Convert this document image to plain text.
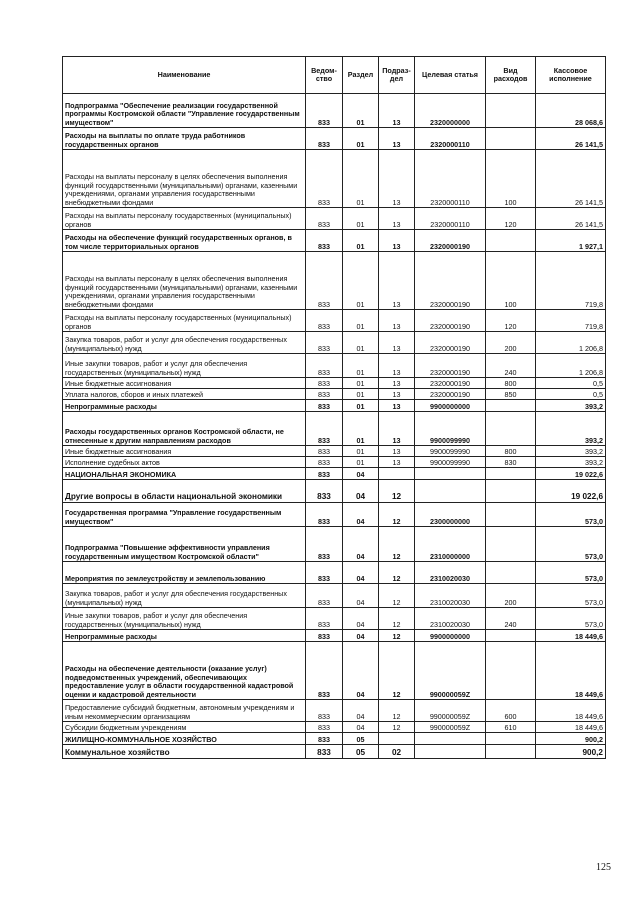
Наименование	Ведом-ство	Раздел	Подраз-дел	Целевая статья	Вид расходов	Кассовое исполнение
Подпрограмма "Обеспечение реализации государственной программы Костромской области "Управление государственным имуществом"	833	01	13	2320000000		28 068,6
Расходы на выплаты по оплате труда работников государственных органов	833	01	13	2320000110		26 141,5
Расходы на выплаты персоналу в целях обеспечения выполнения функций государственными (муниципальными) органами, казенными учреждениями, органами управления государственными внебюджетными фондами	833	01	13	2320000110	100	26 141,5
Расходы на выплаты персоналу государственных (муниципальных) органов	833	01	13	2320000110	120	26 141,5
Расходы на обеспечение функций государственных органов, в том числе территориальных органов	833	01	13	2320000190		1 927,1
Расходы на выплаты персоналу в целях обеспечения выполнения функций государственными (муниципальными) органами, казенными учреждениями, органами управления государственными внебюджетными фондами	833	01	13	2320000190	100	719,8
Расходы на выплаты персоналу государственных (муниципальных) органов	833	01	13	2320000190	120	719,8
Закупка товаров, работ и услуг для обеспечения государственных (муниципальных) нужд	833	01	13	2320000190	200	1 206,8
Иные закупки товаров, работ и услуг для обеспечения государственных (муниципальных) нужд	833	01	13	2320000190	240	1 206,8
Иные бюджетные ассигнования	833	01	13	2320000190	800	0,5
Уплата налогов, сборов и иных платежей	833	01	13	2320000190	850	0,5
Непрограммные расходы	833	01	13	9900000000		393,2
Расходы государственных органов Костромской области, не отнесенные к другим направлениям расходов	833	01	13	9900099990		393,2
Иные бюджетные ассигнования	833	01	13	9900099990	800	393,2
Исполнение судебных актов	833	01	13	9900099990	830	393,2
НАЦИОНАЛЬНАЯ ЭКОНОМИКА	833	04				19 022,6
Другие вопросы в области национальной экономики	833	04	12			19 022,6
Государственная программа "Управление государственным имуществом"	833	04	12	2300000000		573,0
Подпрограмма "Повышение эффективности управления государственным имуществом Костромской области"	833	04	12	2310000000		573,0
Мероприятия по землеустройству и землепользованию	833	04	12	2310020030		573,0
Закупка товаров, работ и услуг для обеспечения государственных (муниципальных) нужд	833	04	12	2310020030	200	573,0
Иные закупки товаров, работ и услуг для обеспечения государственных (муниципальных) нужд	833	04	12	2310020030	240	573,0
Непрограммные расходы	833	04	12	9900000000		18 449,6
Расходы на обеспечение деятельности (оказание услуг) подведомственных учреждений, обеспечивающих предоставление услуг в области государственной кадастровой оценки и кадастровой деятельности	833	04	12	990000059Z		18 449,6
Предоставление субсидий бюджетным, автономным учреждениям и иным некоммерческим организациям	833	04	12	990000059Z	600	18 449,6
Субсидии бюджетным учреждениям	833	04	12	990000059Z	610	18 449,6
ЖИЛИЩНО-КОММУНАЛЬНОЕ ХОЗЯЙСТВО	833	05				900,2
Коммунальное хозяйство	833	05	02			900,2
125
